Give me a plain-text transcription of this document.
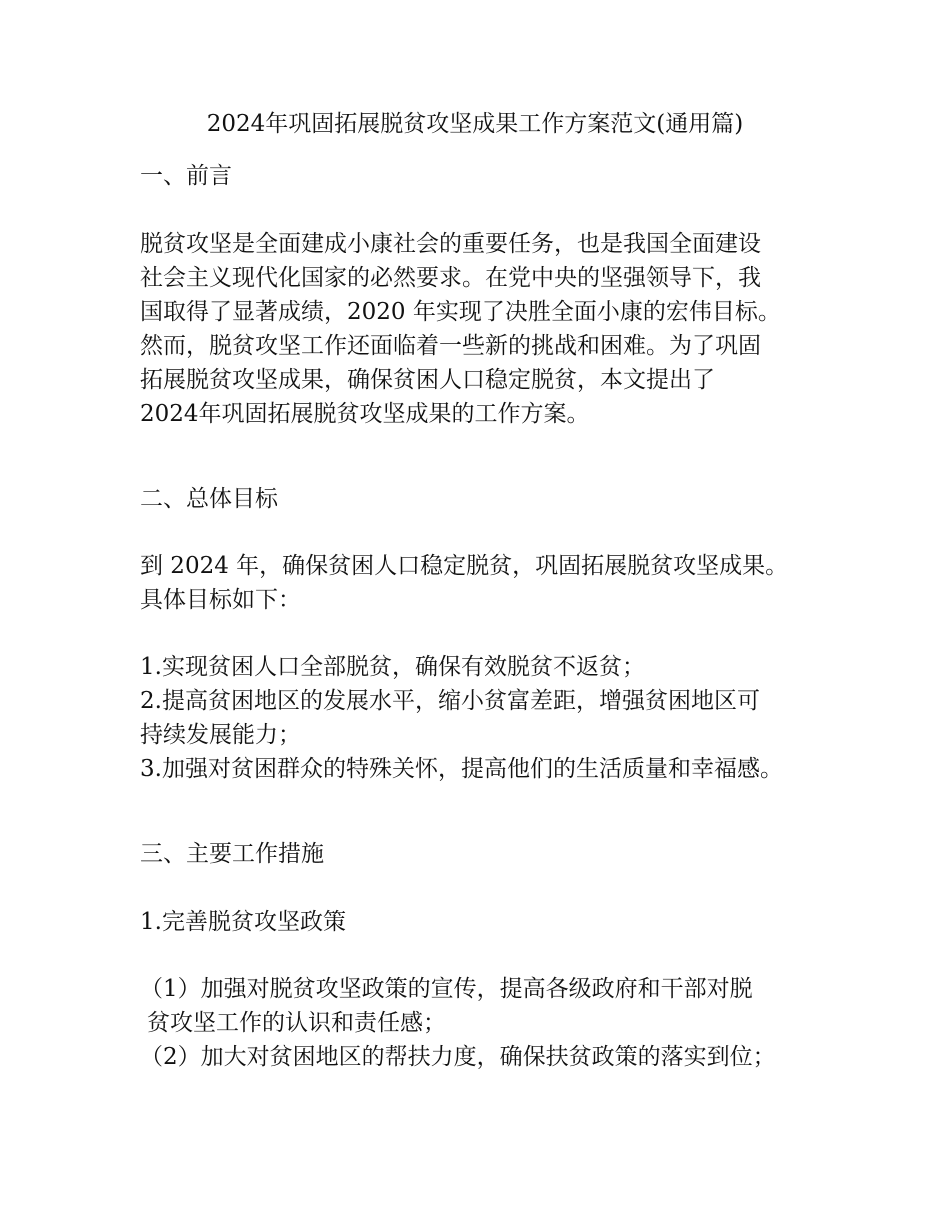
2024年巩固拓展脱贫攻坚成果工作方案范文(通用篇)
一、前言
脱贫攻坚是全面建成小康社会的重要任务，也是我国全面建设
社会主义现代化国家的必然要求。在党中央的坚强领导下，我
国取得了显著成绩，2020 年实现了决胜全面小康的宏伟目标。
然而，脱贫攻坚工作还面临着一些新的挑战和困难。为了巩固
拓展脱贫攻坚成果，确保贫困人口稳定脱贫，本文提出了
2024年巩固拓展脱贫攻坚成果的工作方案。
二、总体目标
到 2024 年，确保贫困人口稳定脱贫，巩固拓展脱贫攻坚成果。
具体目标如下：
1.实现贫困人口全部脱贫，确保有效脱贫不返贫；
2.提高贫困地区的发展水平，缩小贫富差距，增强贫困地区可
持续发展能力；
3.加强对贫困群众的特殊关怀，提高他们的生活质量和幸福感。
三、主要工作措施
1.完善脱贫攻坚政策
（1）加强对脱贫攻坚政策的宣传，提高各级政府和干部对脱
贫攻坚工作的认识和责任感；
（2）加大对贫困地区的帮扶力度，确保扶贫政策的落实到位；
